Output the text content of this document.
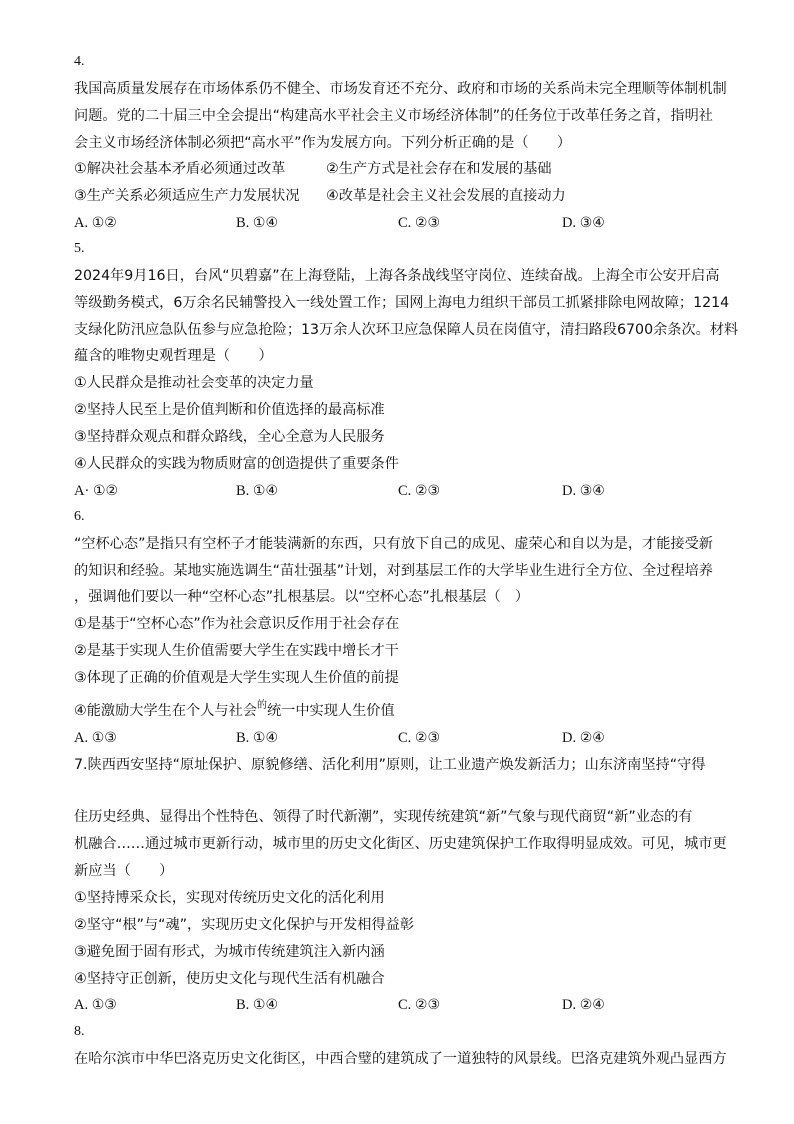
4.
我国高质量发展存在市场体系仍不健全、市场发育还不充分、政府和市场的关系尚未完全理顺等体制机制
问题。党的二十届三中全会提出“构建高水平社会主义市场经济体制”的任务位于改革任务之首，指明社
会主义市场经济体制必须把“高水平”作为发展方向。下列分析正确的是（　　）
①解决社会基本矛盾必须通过改革	②生产方式是社会存在和发展的基础
③生产关系必须适应生产力发展状况 ④改革是社会主义社会发展的直接动力
A. ①②	B. ①④	C. ②③	D. ③④
5.
2024年9月16日，台风“贝碧嘉”在上海登陆，上海各条战线坚守岗位、连续奋战。上海全市公安开启高
等级勤务模式，6万余名民辅警投入一线处置工作；国网上海电力组织干部员工抓紧排除电网故障；1214
支绿化防汛应急队伍参与应急抢险；13万余人次环卫应急保障人员在岗值守，清扫路段6700余条次。材料
蕴含的唯物史观哲理是（　　）
①人民群众是推动社会变革的决定力量
②坚持人民至上是价值判断和价值选择的最高标准
③坚持群众观点和群众路线，全心全意为人民服务
④人民群众的实践为物质财富的创造提供了重要条件
A· ①②	B. ①④	C. ②③	D. ③④
6.
“空杯心态”是指只有空杯子才能装满新的东西，只有放下自己的成见、虚荣心和自以为是，才能接受新
的知识和经验。某地实施选调生“苗壮强基”计划，对到基层工作的大学毕业生进行全方位、全过程培养
，强调他们要以一种“空杯心态”扎根基层。以“空杯心态”扎根基层（　）
①是基于“空杯心态”作为社会意识反作用于社会存在
②是基于实现人生价值需要大学生在实践中增长才干
③体现了正确的价值观是大学生实现人生价值的前提
④能激励大学生在个人与社会$^的$统一中实现人生价值
A. ①③	B. ①④	C. ②③	D. ②④
7.陕西西安坚持“原址保护、原貌修缮、活化利用”原则，让工业遗产焕发新活力；山东济南坚持“守得
住历史经典、显得出个性特色、领得了时代新潮”，实现传统建筑“新”气象与现代商贸“新”业态的有
机融合……通过城市更新行动，城市里的历史文化街区、历史建筑保护工作取得明显成效。可见，城市更
新应当（　　）
①坚持博采众长，实现对传统历史文化的活化利用
②坚守“根”与“魂”，实现历史文化保护与开发相得益彰
③避免囿于固有形式，为城市传统建筑注入新内涵
④坚持守正创新，使历史文化与现代生活有机融合
A. ①③	B. ①④	C. ②③	D. ②④
8.
在哈尔滨市中华巴洛克历史文化街区，中西合璧的建筑成了一道独特的风景线。巴洛克建筑外观凸显西方
